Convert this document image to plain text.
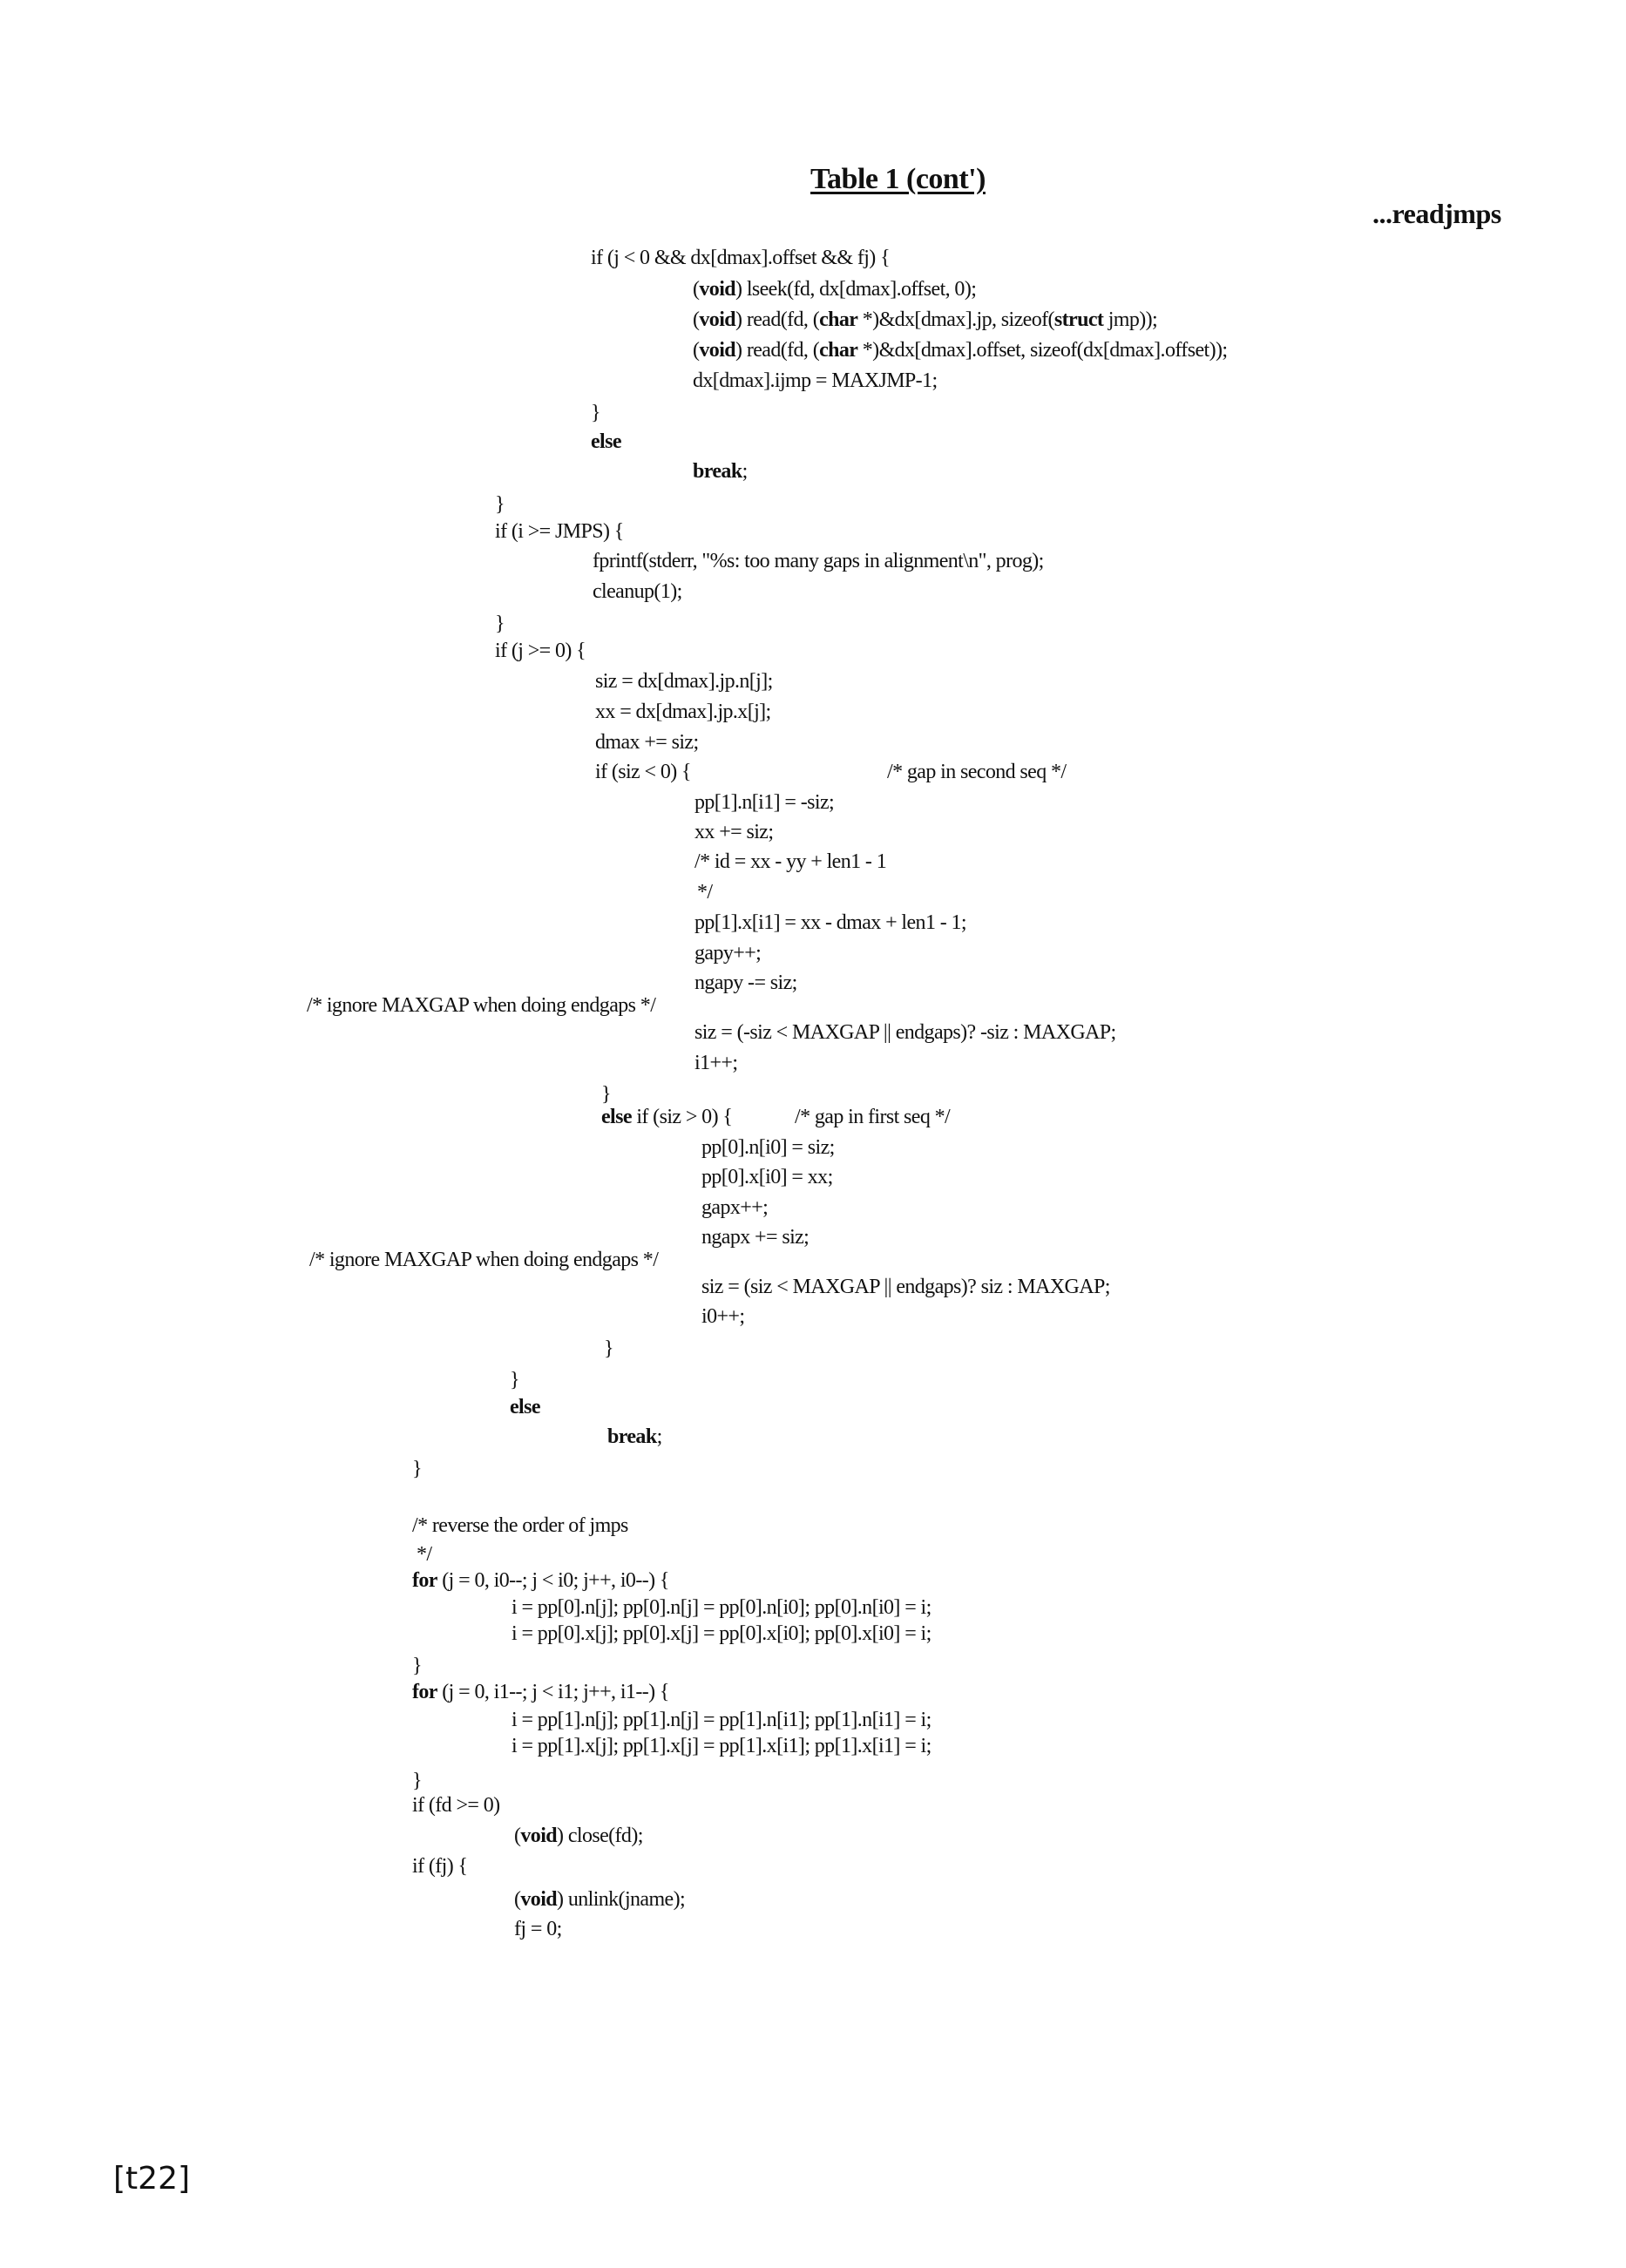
Table 1 (cont')
...readjmps
if (j < 0 && dx[dmax].offset && fj) {
(void) lseek(fd, dx[dmax].offset, 0);
(void) read(fd, (char *)&dx[dmax].jp, sizeof(struct jmp));
(void) read(fd, (char *)&dx[dmax].offset, sizeof(dx[dmax].offset));
dx[dmax].ijmp = MAXJMP-1;
}
else
break;
}
if (i >= JMPS) {
fprintf(stderr, "%s: too many gaps in alignment\n", prog);
cleanup(1);
}
if (j >= 0) {
siz = dx[dmax].jp.n[j];
xx = dx[dmax].jp.x[j];
dmax += siz;
if (siz < 0) {	/* gap in second seq */
pp[1].n[i1] = -siz;
xx += siz;
/* id = xx - yy + len1 - 1
*/
pp[1].x[i1] = xx - dmax + len1 - 1;
gapy++;
ngapy -= siz;
/* ignore MAXGAP when doing endgaps */
siz = (-siz < MAXGAP || endgaps)? -siz : MAXGAP;
i1++;
}
else if (siz > 0) {	/* gap in first seq */
pp[0].n[i0] = siz;
pp[0].x[i0] = xx;
gapx++;
ngapx += siz;
/* ignore MAXGAP when doing endgaps */
siz = (siz < MAXGAP || endgaps)? siz : MAXGAP;
i0++;
}
}
else
break;
}
/* reverse the order of jmps
*/
for (j = 0, i0--; j < i0; j++, i0--) {
i = pp[0].n[j]; pp[0].n[j] = pp[0].n[i0]; pp[0].n[i0] = i;
i = pp[0].x[j]; pp[0].x[j] = pp[0].x[i0]; pp[0].x[i0] = i;
}
for (j = 0, i1--; j < i1; j++, i1--) {
i = pp[1].n[j]; pp[1].n[j] = pp[1].n[i1]; pp[1].n[i1] = i;
i = pp[1].x[j]; pp[1].x[j] = pp[1].x[i1]; pp[1].x[i1] = i;
}
if (fd >= 0)
(void) close(fd);
if (fj) {
(void) unlink(jname);
fj = 0;
[t22]
